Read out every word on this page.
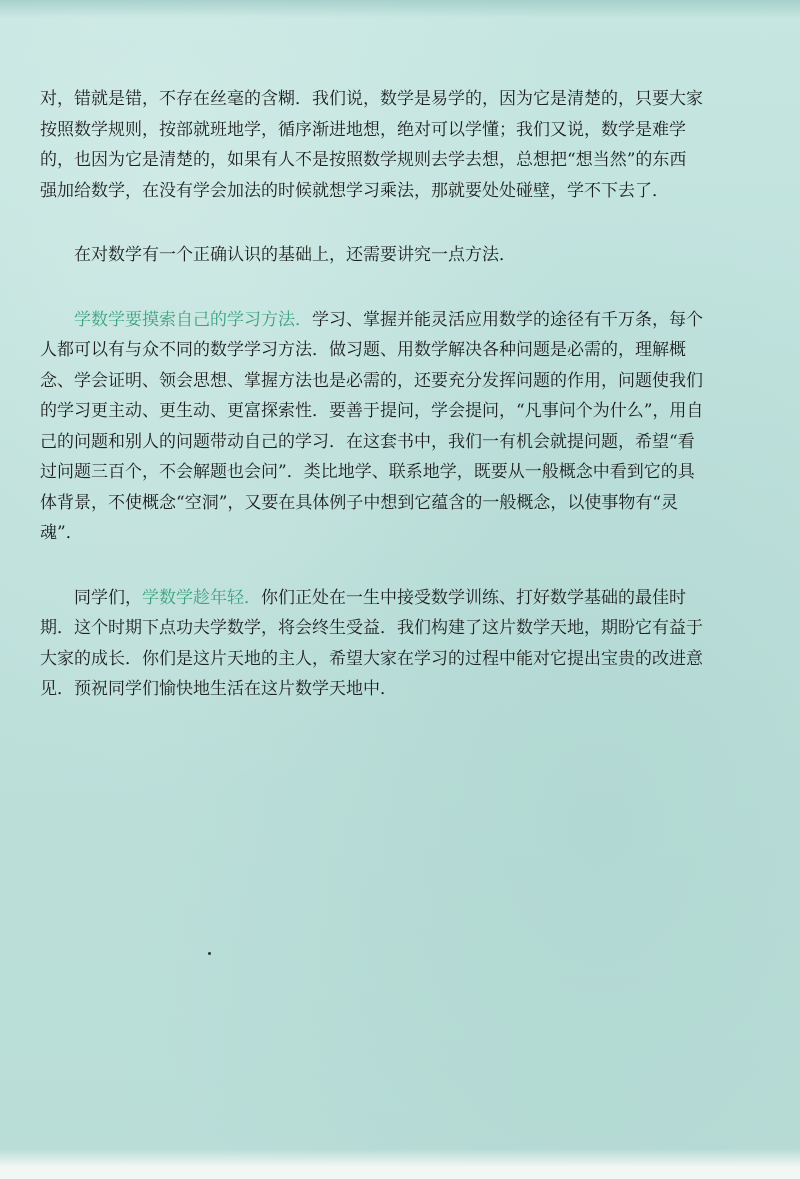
对，错就是错，不存在丝毫的含糊．我们说，数学是易学的，因为它是清楚的，只要大家
按照数学规则，按部就班地学，循序渐进地想，绝对可以学懂；我们又说，数学是难学
的，也因为它是清楚的，如果有人不是按照数学规则去学去想，总想把“想当然”的东西
强加给数学，在没有学会加法的时候就想学习乘法，那就要处处碰壁，学不下去了．

在对数学有一个正确认识的基础上，还需要讲究一点方法．

学数学要摸索自己的学习方法．学习、掌握并能灵活应用数学的途径有千万条，每个
人都可以有与众不同的数学学习方法．做习题、用数学解决各种问题是必需的，理解概
念、学会证明、领会思想、掌握方法也是必需的，还要充分发挥问题的作用，问题使我们
的学习更主动、更生动、更富探索性．要善于提问，学会提问，“凡事问个为什么”，用自
己的问题和别人的问题带动自己的学习．在这套书中，我们一有机会就提问题，希望“看
过问题三百个，不会解题也会问”．类比地学、联系地学，既要从一般概念中看到它的具
体背景，不使概念“空洞”，又要在具体例子中想到它蕴含的一般概念，以使事物有“灵
魂”．

同学们，学数学趁年轻．你们正处在一生中接受数学训练、打好数学基础的最佳时
期．这个时期下点功夫学数学，将会终生受益．我们构建了这片数学天地，期盼它有益于
大家的成长．你们是这片天地的主人，希望大家在学习的过程中能对它提出宝贵的改进意
见．预祝同学们愉快地生活在这片数学天地中．
